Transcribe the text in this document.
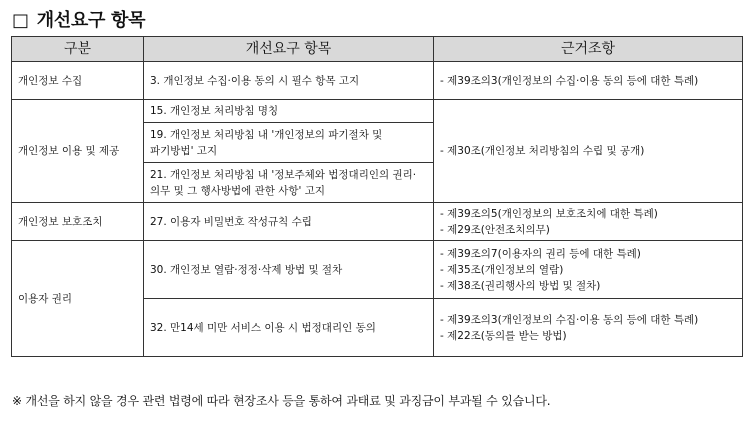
□ 개선요구 항목
구분	개선요구 항목	근거조항
개인정보 수집	3. 개인정보 수집·이용 동의 시 필수 항목 고지	- 제39조의3(개인정보의 수집·이용 동의 등에 대한 특례)

개인정보 이용 및 제공	15. 개인정보 처리방침 명칭	- 제30조(개인정보 처리방침의 수립 및 공개)

	19. 개인정보 처리방침 내 '개인정보의 파기절차 및 파기방법' 고지	
	21. 개인정보 처리방침 내 '정보주체와 법정대리인의 권리·의무 및 그 행사방법에 관한 사항' 고지	
개인정보 보호조치	27. 이용자 비밀번호 작성규칙 수립	- 제39조의5(개인정보의 보호조치에 대한 특례)
- 제29조(안전조치의무)

이용자 권리	30. 개인정보 열람·정정·삭제 방법 및 절차	- 제39조의7(이용자의 권리 등에 대한 특례)
- 제35조(개인정보의 열람)
- 제38조(권리행사의 방법 및 절차)

	32. 만14세 미만 서비스 이용 시 법정대리인 동의	- 제39조의3(개인정보의 수집·이용 동의 등에 대한 특례)
- 제22조(동의를 받는 방법)
※ 개선을 하지 않을 경우 관련 법령에 따라 현장조사 등을 통하여 과태료 및 과징금이 부과될 수 있습니다.
